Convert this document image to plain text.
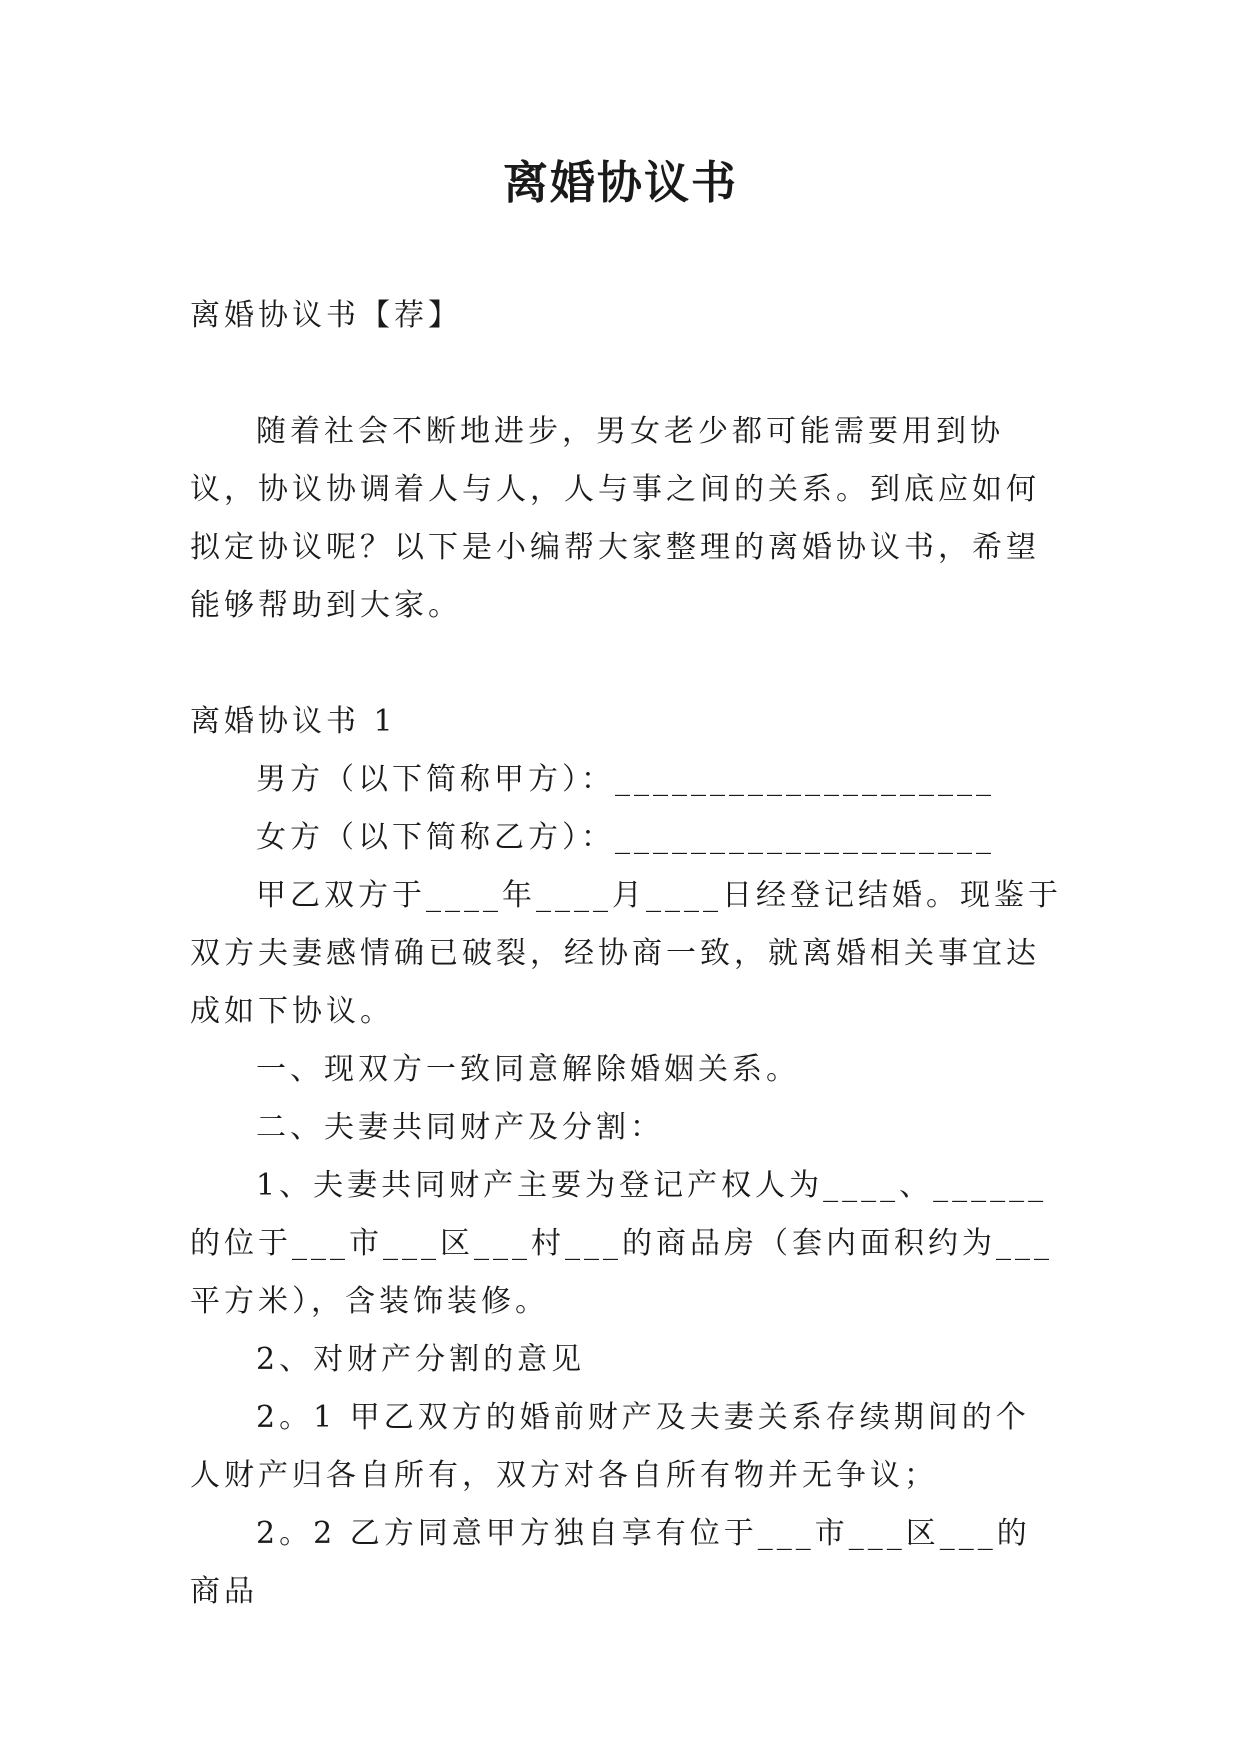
离婚协议书

离婚协议书【荐】

随着社会不断地进步，男女老少都可能需要用到协议，协议协调着人与人，人与事之间的关系。到底应如何拟定协议呢？以下是小编帮大家整理的离婚协议书，希望能够帮助到大家。

离婚协议书 1

男方（以下简称甲方）：____________________

女方（以下简称乙方）：____________________

甲乙双方于____年____月____日经登记结婚。现鉴于双方夫妻感情确已破裂，经协商一致，就离婚相关事宜达成如下协议。

一、现双方一致同意解除婚姻关系。

二、夫妻共同财产及分割：

1、夫妻共同财产主要为登记产权人为____、______的位于___市___区___村___的商品房（套内面积约为___平方米），含装饰装修。

2、对财产分割的意见

2。1 甲乙双方的婚前财产及夫妻关系存续期间的个人财产归各自所有，双方对各自所有物并无争议；

2。2 乙方同意甲方独自享有位于___市___区___的商品
